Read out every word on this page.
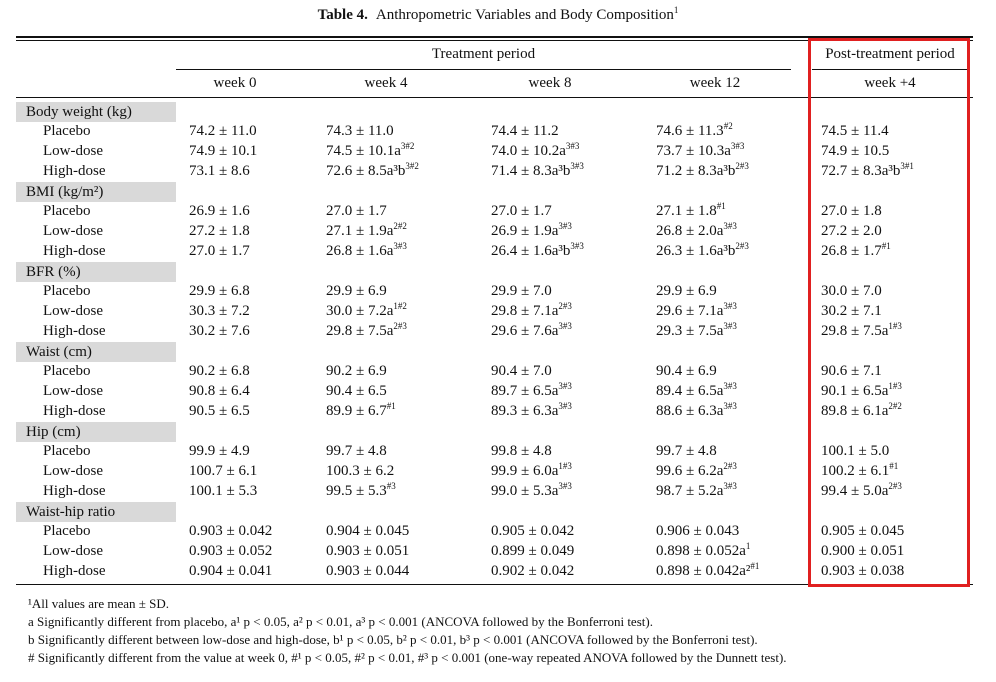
Table 4. Anthropometric Variables and Body Composition$^1$
Treatment period	Post-treatment period
week 0	week 4	week 8	week 12	week +4
Body weight (kg)
Placebo	74.2 ± 11.0	74.3 ± 11.0	74.4 ± 11.2	$74.6 \pm 11.3^{\#2}$	74.5 ± 11.4
Low-dose	74.9 ± 10.1	$74.5 \pm 10.1a^{3\#2}$	$74.0 \pm 10.2a^{3\#3}$	$73.7 \pm 10.3a^{3\#3}$	74.9 ± 10.5
High-dose	73.1 ± 8.6	$72.6 \pm 8.5a^3b^{3\#2}$	$71.4 \pm 8.3a^3b^{3\#3}$	$71.2 \pm 8.3a^3b^{2\#3}$	$72.7 \pm 8.3a^3b^{3\#1}$
BMI (kg/m²)
Placebo	26.9 ± 1.6	27.0 ± 1.7	27.0 ± 1.7	$27.1 \pm 1.8^{\#1}$	27.0 ± 1.8
Low-dose	27.2 ± 1.8	$27.1 \pm 1.9a^{2\#2}$	$26.9 \pm 1.9a^{3\#3}$	$26.8 \pm 2.0a^{3\#3}$	27.2 ± 2.0
High-dose	27.0 ± 1.7	$26.8 \pm 1.6a^{3\#3}$	$26.4 \pm 1.6a^3b^{3\#3}$	$26.3 \pm 1.6a^3b^{2\#3}$	$26.8 \pm 1.7^{\#1}$
BFR (%)
Placebo	29.9 ± 6.8	29.9 ± 6.9	29.9 ± 7.0	29.9 ± 6.9	30.0 ± 7.0
Low-dose	30.3 ± 7.2	$30.0 \pm 7.2a^{1\#2}$	$29.8 \pm 7.1a^{2\#3}$	$29.6 \pm 7.1a^{3\#3}$	30.2 ± 7.1
High-dose	30.2 ± 7.6	$29.8 \pm 7.5a^{2\#3}$	$29.6 \pm 7.6a^{3\#3}$	$29.3 \pm 7.5a^{3\#3}$	$29.8 \pm 7.5a^{1\#3}$
Waist (cm)
Placebo	90.2 ± 6.8	90.2 ± 6.9	90.4 ± 7.0	90.4 ± 6.9	90.6 ± 7.1
Low-dose	90.8 ± 6.4	90.4 ± 6.5	$89.7 \pm 6.5a^{3\#3}$	$89.4 \pm 6.5a^{3\#3}$	$90.1 \pm 6.5a^{1\#3}$
High-dose	90.5 ± 6.5	$89.9 \pm 6.7^{\#1}$	$89.3 \pm 6.3a^{3\#3}$	$88.6 \pm 6.3a^{3\#3}$	$89.8 \pm 6.1a^{2\#2}$
Hip (cm)
Placebo	99.9 ± 4.9	99.7 ± 4.8	99.8 ± 4.8	99.7 ± 4.8	100.1 ± 5.0
Low-dose	100.7 ± 6.1	100.3 ± 6.2	$99.9 \pm 6.0a^{1\#3}$	$99.6 \pm 6.2a^{2\#3}$	$100.2 \pm 6.1^{\#1}$
High-dose	100.1 ± 5.3	$99.5 \pm 5.3^{\#3}$	$99.0 \pm 5.3a^{3\#3}$	$98.7 \pm 5.2a^{3\#3}$	$99.4 \pm 5.0a^{2\#3}$
Waist-hip ratio
Placebo	0.903 ± 0.042	0.904 ± 0.045	0.905 ± 0.042	0.906 ± 0.043	0.905 ± 0.045
Low-dose	0.903 ± 0.052	0.903 ± 0.051	0.899 ± 0.049	$0.898 \pm 0.052a^1$	0.900 ± 0.051
High-dose	0.904 ± 0.041	0.903 ± 0.044	0.902 ± 0.042	0.898 ± 0.042a²$^{\#1}$	0.903 ± 0.038
¹All values are mean ± SD.
a Significantly different from placebo, a¹ p < 0.05, a² p < 0.01, a³ p < 0.001 (ANCOVA followed by the Bonferroni test).
b Significantly different between low-dose and high-dose, b¹ p < 0.05, b² p < 0.01, b³ p < 0.001 (ANCOVA followed by the Bonferroni test).
# Significantly different from the value at week 0, #¹ p < 0.05, #² p < 0.01, #³ p < 0.001 (one-way repeated ANOVA followed by the Dunnett test).
